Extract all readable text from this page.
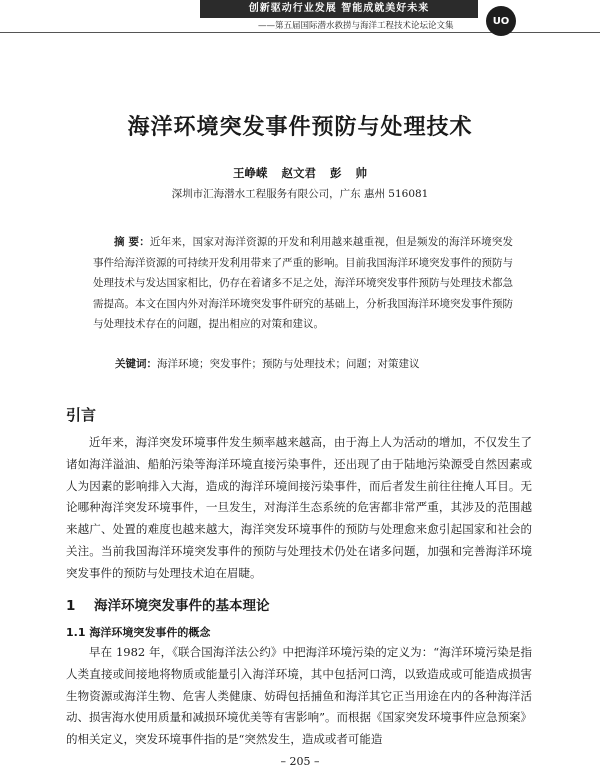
创新驱动行业发展 智能成就美好未来
——第五届国际潜水救捞与海洋工程技术论坛论文集	UO
海洋环境突发事件预防与处理技术
王峥嵘 赵文君 彭 帅
深圳市汇海潜水工程服务有限公司，广东 惠州 516081
摘 要：近年来，国家对海洋资源的开发和利用越来越重视，但是频发的海洋环境突发事件给海洋资源的可持续开发利用带来了严重的影响。目前我国海洋环境突发事件的预防与处理技术与发达国家相比，仍存在着诸多不足之处，海洋环境突发事件预防与处理技术都急需提高。本文在国内外对海洋环境突发事件研究的基础上，分析我国海洋环境突发事件预防与处理技术存在的问题，提出相应的对策和建议。
关键词：海洋环境；突发事件；预防与处理技术；问题；对策建议
引言
近年来，海洋突发环境事件发生频率越来越高，由于海上人为活动的增加，不仅发生了诸如海洋溢油、船舶污染等海洋环境直接污染事件，还出现了由于陆地污染源受自然因素或人为因素的影响排入大海，造成的海洋环境间接污染事件，而后者发生前往往掩人耳目。无论哪种海洋突发环境事件，一旦发生，对海洋生态系统的危害都非常严重，其涉及的范围越来越广、处置的难度也越来越大，海洋突发环境事件的预防与处理愈来愈引起国家和社会的关注。当前我国海洋环境突发事件的预防与处理技术仍处在诸多问题，加强和完善海洋环境突发事件的预防与处理技术迫在眉睫。
1 海洋环境突发事件的基本理论
1.1 海洋环境突发事件的概念
早在 1982 年，《联合国海洋法公约》中把海洋环境污染的定义为：“海洋环境污染是指人类直接或间接地将物质或能量引入海洋环境，其中包括河口湾，以致造成或可能造成损害生物资源或海洋生物、危害人类健康、妨碍包括捕鱼和海洋其它正当用途在内的各种海洋活动、损害海水使用质量和减损环境优美等有害影响”。而根据《国家突发环境事件应急预案》的相关定义，突发环境事件指的是“突然发生，造成或者可能造
– 205 –
